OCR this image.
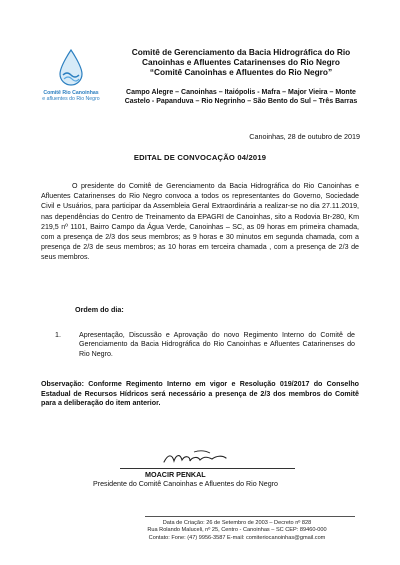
Comitê Rio Canoinhas
e afluentes do Rio Negro
Comitê de Gerenciamento da Bacia Hidrográfica do Rio
Canoinhas e Afluentes Catarinenses do Rio Negro
“Comitê Canoinhas e Afluentes do Rio Negro”
Campo Alegre – Canoinhas – Itaiópolis - Mafra – Major Vieira – Monte
Castelo - Papanduva – Rio Negrinho – São Bento do Sul – Três Barras
Canoinhas, 28 de outubro de 2019
EDITAL DE CONVOCAÇÃO 04/2019
O presidente do Comitê de Gerenciamento da Bacia Hidrográfica do Rio Canoinhas e Afluentes Catarinenses do Rio Negro convoca a todos os representantes do Governo, Sociedade Civil e Usuários, para participar da Assembleia Geral Extraordinária a realizar-se no dia 27.11.2019, nas dependências do Centro de Treinamento da EPAGRI de Canoinhas, sito a Rodovia Br-280, Km 219,5 nº 1101, Bairro Campo da Água Verde, Canoinhas – SC, as 09 horas em primeira chamada, com a presença de 2/3 dos seus membros; as 9 horas e 30 minutos em segunda chamada, com a presença de 2/3 de seus membros; as 10 horas em terceira chamada , com a presença de 2/3 de seus membros.
Ordem do dia:
1.	Apresentação, Discussão e Aprovação do novo Regimento Interno do Comitê de Gerenciamento da Bacia Hidrográfica do Rio Canoinhas e Afluentes Catarinenses do Rio Negro.
Observação: Conforme Regimento Interno em vigor e Resolução 019/2017 do Conselho Estadual de Recursos Hídricos será necessário a presença de 2/3 dos membros do Comitê para a deliberação do item anterior.
MOACIR PENKAL
Presidente do Comitê Canoinhas e Afluentes do Rio Negro
Data de Criação: 26 de Setembro de 2003 – Decreto nº 828
Rua Rolando Maluceli, nº 25, Centro - Canoinhas – SC CEP: 89460-000
Contato: Fone: (47) 9956-3587 E-mail: comiteriocanoinhas@gmail.com
